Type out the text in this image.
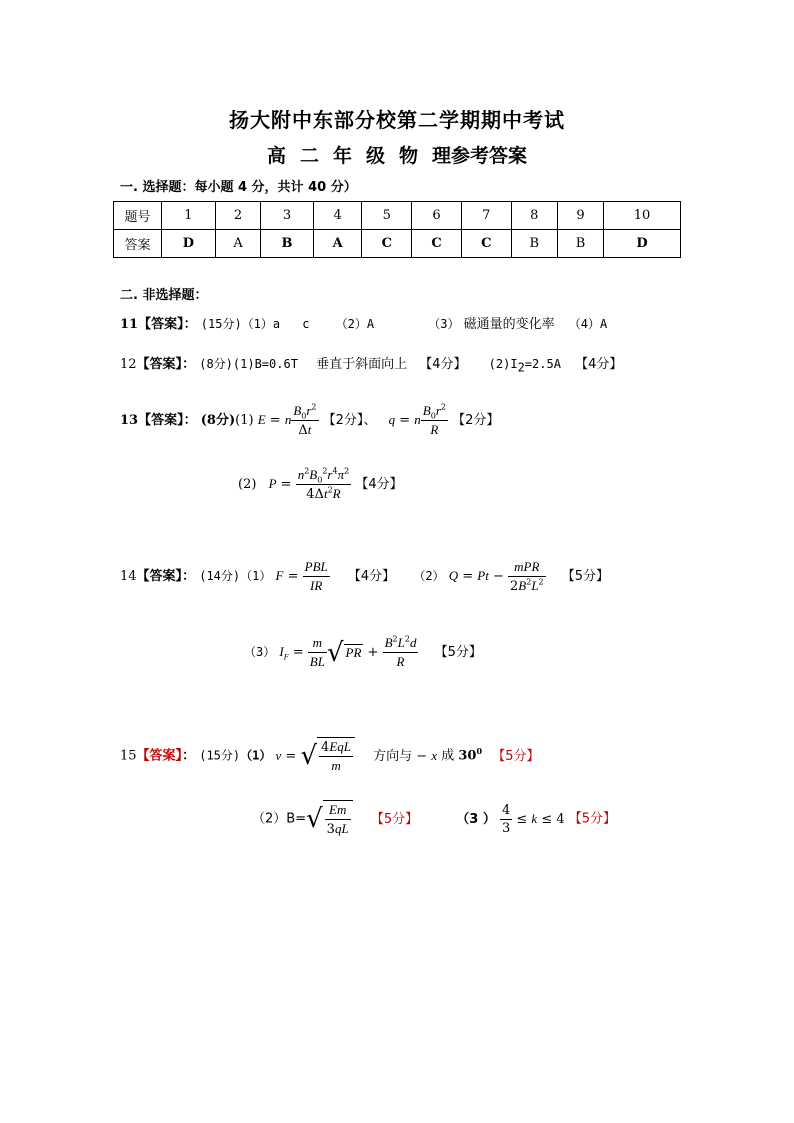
扬大附中东部分校第二学期期中考试
高 二 年 级 物 理参考答案
一. 选择题：每小题 4 分，共计 40 分）
题号	1	2	3	4	5	6	7	8	9	10
答案	D	A	B	A	C	C	C	B	B	D
二. 非选择题：
11【答案】： (15分)（1）a c （2）A	（3） 磁通量的变化率 （4）A
12【答案】： (8分)(1)B=0.6T 垂直于斜面向上 【4分】 $(2)I_2=2.5A$ 【4分】
13【答案】： (8分)(1) E = n $\frac{B_0r^2}{\Delta t}$ 【2分】、 q = n $\frac{B_0r^2}{R}$ 【2分】
(2) $P = \frac{n^2B_0^2r^4\pi^2}{4\Delta t^2R}$ 【4分】
14【答案】： (14分)（1） $F = \frac{\text{PBL}}{IR}$ 【4分】 （2） $Q = Pt - \frac{\text{mPR}}{2B^2L^2}$ 【5分】
（3） $I_F = \frac{m}{BL}$ √ PR + $\frac{B^2L^2d}{R}$ 【5分】
15【答案】： (15分)（1） v = √ $\frac{\text{4EqL}}{m}$ 方向与 − x 成 $30^0$ 【5分】
$(2)B=√ \frac{Em}{3qL}$ 【5分】	（3 ） $\frac{4}{3} \le k \le 4$ 【5分】
